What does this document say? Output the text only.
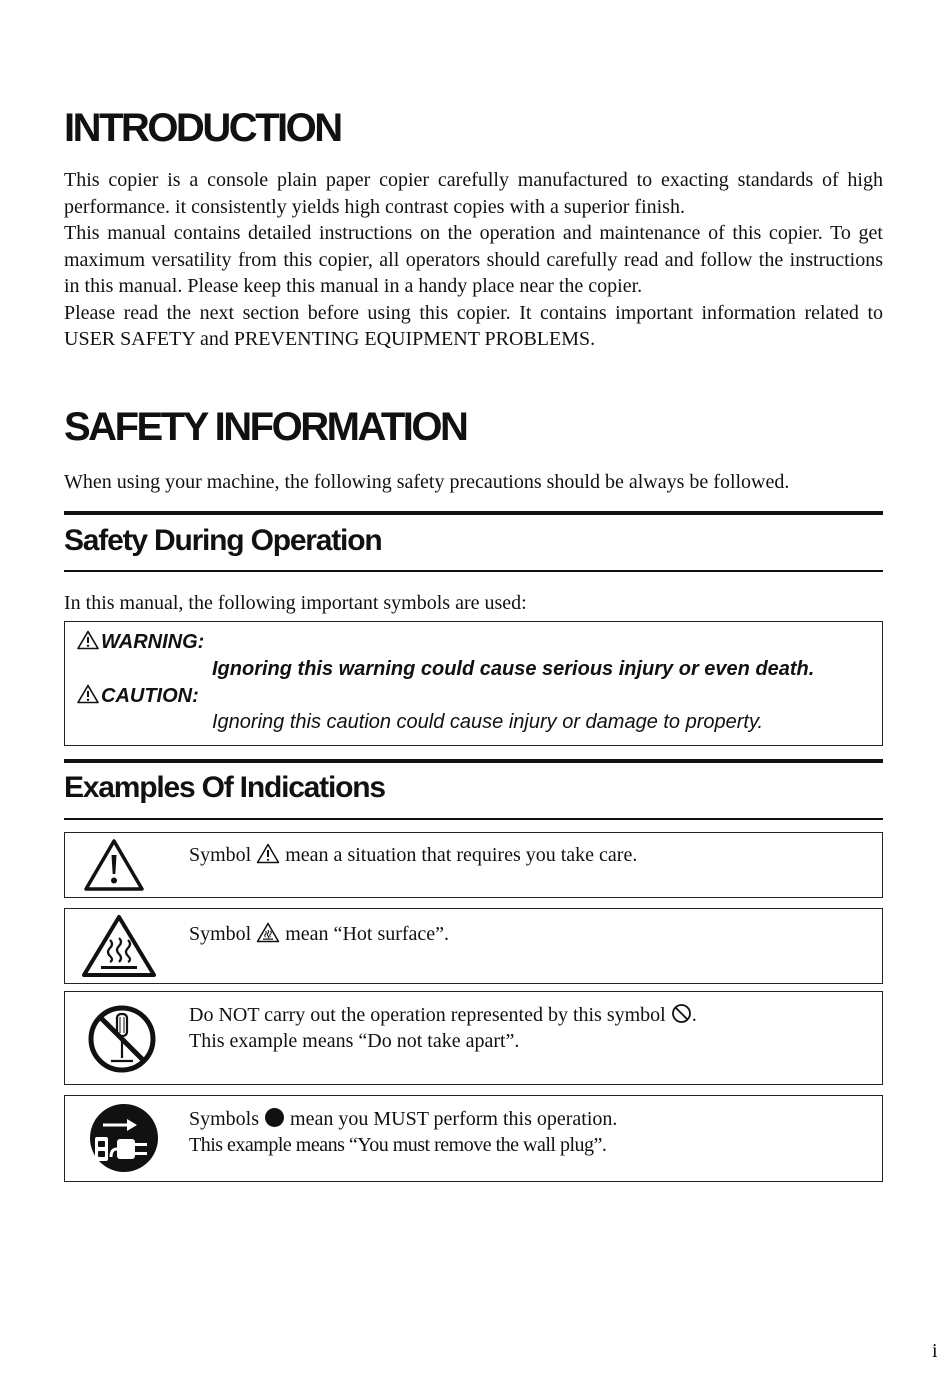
INTRODUCTION

This copier is a console plain paper copier carefully manufactured to exacting standards of high performance. it consistently yields high contrast copies with a superior finish.

This manual contains detailed instructions on the operation and maintenance of this copier. To get maximum versatility from this copier, all operators should carefully read and follow the instructions in this manual. Please keep this manual in a handy place near the copier.

Please read the next section before using this copier. It contains important information related to USER SAFETY and PREVENTING EQUIPMENT PROBLEMS.

SAFETY INFORMATION
When using your machine, the following safety precautions should be always be followed.
Safety During Operation
In this manual, the following important symbols are used:
WARNING:
Ignoring this warning could cause serious injury or even death.
CAUTION:
Ignoring this caution could cause injury or damage to property.
Examples Of Indications
Symbol mean a situation that requires you take care.
Symbol mean “Hot surface”.
Do NOT carry out the operation represented by this symbol .
This example means “Do not take apart”.
Symbols mean you MUST perform this operation.
This example means “You must remove the wall plug”.
i
